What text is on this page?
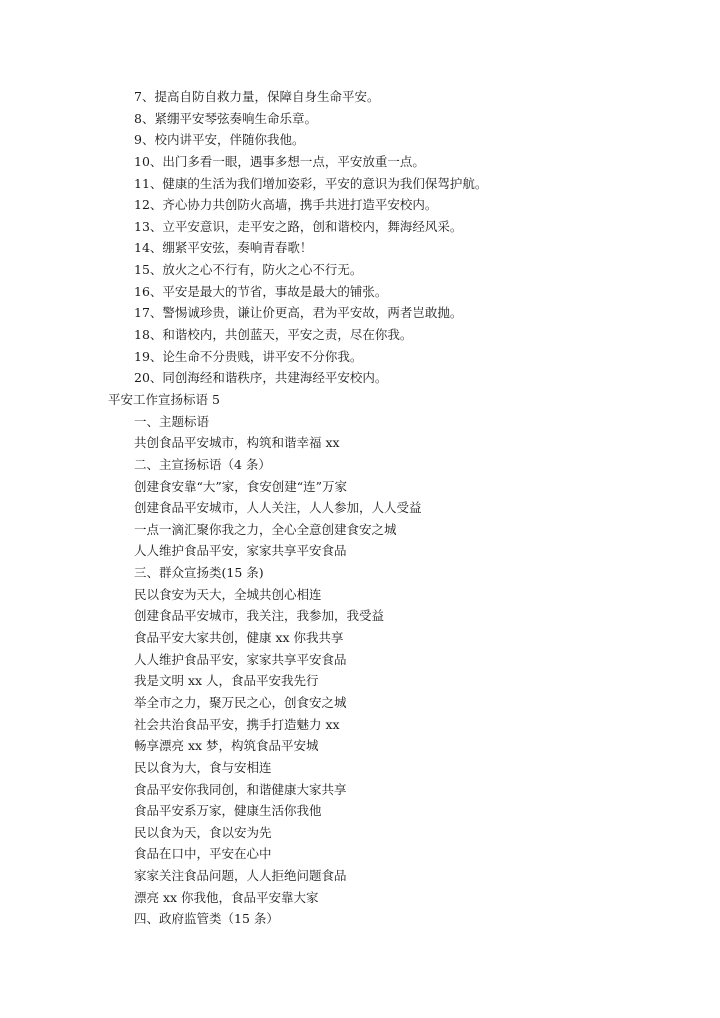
7、提高自防自救力量，保障自身生命平安。
8、紧绷平安琴弦奏响生命乐章。
9、校内讲平安，伴随你我他。
10、出门多看一眼，遇事多想一点，平安放重一点。
11、健康的生活为我们增加姿彩，平安的意识为我们保驾护航。
12、齐心协力共创防火高墙，携手共进打造平安校内。
13、立平安意识，走平安之路，创和谐校内，舞海经风采。
14、绷紧平安弦，奏响青春歌！
15、放火之心不行有，防火之心不行无。
16、平安是最大的节省，事故是最大的铺张。
17、警惕诚珍贵，谦让价更高，君为平安故，两者岂敢抛。
18、和谐校内，共创蓝天，平安之责，尽在你我。
19、论生命不分贵贱，讲平安不分你我。
20、同创海经和谐秩序，共建海经平安校内。
平安工作宣扬标语 5
一、主题标语
共创食品平安城市，构筑和谐幸福 xx
二、主宣扬标语（4 条）
创建食安靠“大”家，食安创建“连”万家
创建食品平安城市，人人关注，人人参加，人人受益
一点一滴汇聚你我之力，全心全意创建食安之城
人人维护食品平安，家家共享平安食品
三、群众宣扬类(15 条)
民以食安为天大，全城共创心相连
创建食品平安城市，我关注，我参加，我受益
食品平安大家共创，健康 xx 你我共享
人人维护食品平安，家家共享平安食品
我是文明 xx 人，食品平安我先行
举全市之力，聚万民之心，创食安之城
社会共治食品平安，携手打造魅力 xx
畅享漂亮 xx 梦，构筑食品平安城
民以食为大，食与安相连
食品平安你我同创，和谐健康大家共享
食品平安系万家，健康生活你我他
民以食为天，食以安为先
食品在口中，平安在心中
家家关注食品问题，人人拒绝问题食品
漂亮 xx 你我他，食品平安靠大家
四、政府监管类（15 条）
